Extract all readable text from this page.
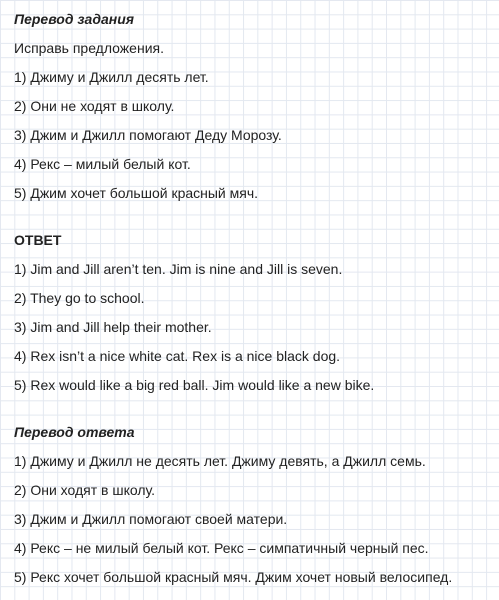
Перевод задания
Исправь предложения.
1) Джиму и Джилл десять лет.
2) Они не ходят в школу.
3) Джим и Джилл помогают Деду Морозу.
4) Рекс – милый белый кот.
5) Джим хочет большой красный мяч.
ОТВЕТ
1) Jim and Jill aren’t ten. Jim is nine and Jill is seven.
2) They go to school.
3) Jim and Jill help their mother.
4) Rex isn’t a nice white cat. Rex is a nice black dog.
5) Rex would like a big red ball. Jim would like a new bike.
Перевод ответа
1) Джиму и Джилл не десять лет. Джиму девять, а Джилл семь.
2) Они ходят в школу.
3) Джим и Джилл помогают своей матери.
4) Рекс – не милый белый кот. Рекс – симпатичный черный пес.
5) Рекс хочет большой красный мяч. Джим хочет новый велосипед.
